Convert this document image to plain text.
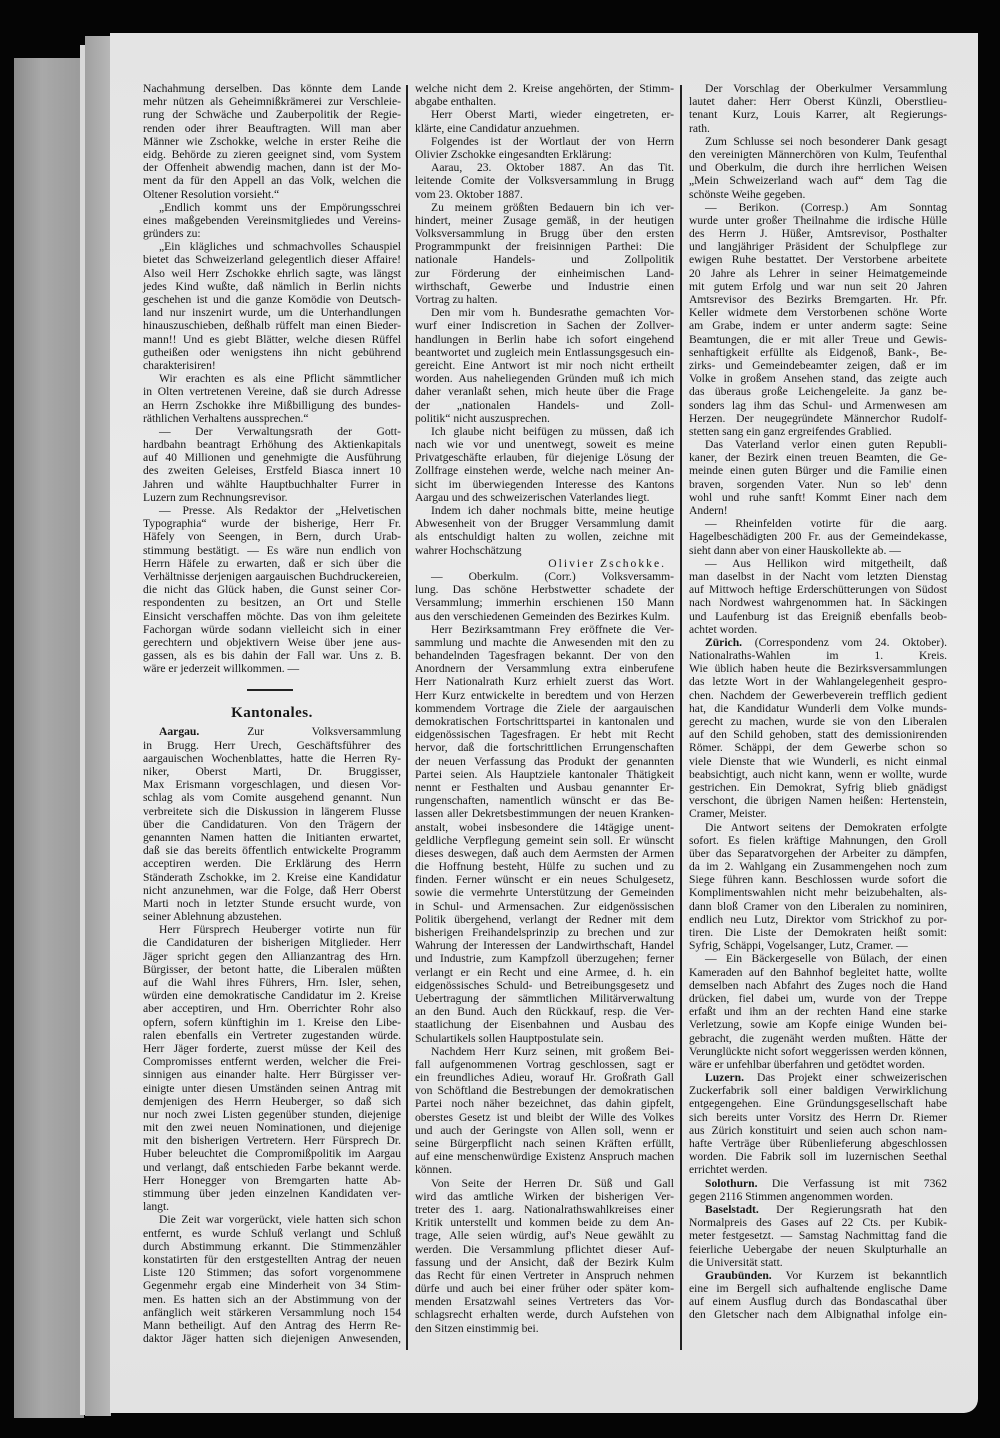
Nachahmung derselben. Das könnte dem Lande
mehr nützen als Geheimnißkrämerei zur Verschleie-
rung der Schwäche und Zauberpolitik der Regie-
renden oder ihrer Beauftragten. Will man aber
Männer wie Zschokke, welche in erster Reihe die
eidg. Behörde zu zieren geeignet sind, vom System
der Offenheit abwendig machen, dann ist der Mo-
ment da für den Appell an das Volk, welchen die
Oltener Resolution vorsieht.“
„Endlich kommt uns der Empörungsschrei
eines maßgebenden Vereinsmitgliedes und Vereins-
gründers zu:
„Ein klägliches und schmachvolles Schauspiel
bietet das Schweizerland gelegentlich dieser Affaire!
Also weil Herr Zschokke ehrlich sagte, was längst
jedes Kind wußte, daß nämlich in Berlin nichts
geschehen ist und die ganze Komödie von Deutsch-
land nur inszenirt wurde, um die Unterhandlungen
hinauszuschieben, deßhalb rüffelt man einen Bieder-
mann!! Und es giebt Blätter, welche diesen Rüffel
gutheißen oder wenigstens ihn nicht gebührend
charakterisiren!
Wir erachten es als eine Pflicht sämmtlicher
in Olten vertretenen Vereine, daß sie durch Adresse
an Herrn Zschokke ihre Mißbilligung des bundes-
räthlichen Verhaltens aussprechen.“
— Der Verwaltungsrath der Gott-
hardbahn beantragt Erhöhung des Aktienkapitals
auf 40 Millionen und genehmigte die Ausführung
des zweiten Geleises, Erstfeld Biasca innert 10
Jahren und wählte Hauptbuchhalter Furrer in
Luzern zum Rechnungsrevisor.
— Presse. Als Redaktor der „Helvetischen
Typographia“ wurde der bisherige, Herr Fr.
Häfely von Seengen, in Bern, durch Urab-
stimmung bestätigt. — Es wäre nun endlich von
Herrn Häfele zu erwarten, daß er sich über die
Verhältnisse derjenigen aargauischen Buchdruckereien,
die nicht das Glück haben, die Gunst seiner Cor-
respondenten zu besitzen, an Ort und Stelle
Einsicht verschaffen möchte. Das von ihm geleitete
Fachorgan würde sodann vielleicht sich in einer
gerechtern und objektivern Weise über jene aus-
gassen, als es bis dahin der Fall war. Uns z. B.
wäre er jederzeit willkommen. —
Kantonales.
Aargau. Zur Volksversammlung
in Brugg. Herr Urech, Geschäftsführer des
aargauischen Wochenblattes, hatte die Herren Ry-
niker, Oberst Marti, Dr. Bruggisser,
Max Erismann vorgeschlagen, und diesen Vor-
schlag als vom Comite ausgehend genannt. Nun
verbreitete sich die Diskussion in längerem Flusse
über die Candidaturen. Von den Trägern der
genannten Namen hatten die Initianten erwartet,
daß sie das bereits öffentlich entwickelte Programm
acceptiren werden. Die Erklärung des Herrn
Ständerath Zschokke, im 2. Kreise eine Kandidatur
nicht anzunehmen, war die Folge, daß Herr Oberst
Marti noch in letzter Stunde ersucht wurde, von
seiner Ablehnung abzustehen.
Herr Fürsprech Heuberger votirte nun für
die Candidaturen der bisherigen Mitglieder. Herr
Jäger spricht gegen den Allianzantrag des Hrn.
Bürgisser, der betont hatte, die Liberalen müßten
auf die Wahl ihres Führers, Hrn. Isler, sehen,
würden eine demokratische Candidatur im 2. Kreise
aber acceptiren, und Hrn. Oberrichter Rohr also
opfern, sofern künftighin im 1. Kreise den Libe-
ralen ebenfalls ein Vertreter zugestanden würde.
Herr Jäger forderte, zuerst müsse der Keil des
Compromisses entfernt werden, welcher die Frei-
sinnigen aus einander halte. Herr Bürgisser ver-
einigte unter diesen Umständen seinen Antrag mit
demjenigen des Herrn Heuberger, so daß sich
nur noch zwei Listen gegenüber stunden, diejenige
mit den zwei neuen Nominationen, und diejenige
mit den bisherigen Vertretern. Herr Fürsprech Dr.
Huber beleuchtet die Compromißpolitik im Aargau
und verlangt, daß entschieden Farbe bekannt werde.
Herr Honegger von Bremgarten hatte Ab-
stimmung über jeden einzelnen Kandidaten ver-
langt.
Die Zeit war vorgerückt, viele hatten sich schon
entfernt, es wurde Schluß verlangt und Schluß
durch Abstimmung erkannt. Die Stimmenzähler
konstatirten für den erstgestellten Antrag der neuen
Liste 120 Stimmen; das sofort vorgenommene
Gegenmehr ergab eine Minderheit von 34 Stim-
men. Es hatten sich an der Abstimmung von der
anfänglich weit stärkeren Versammlung noch 154
Mann betheiligt. Auf den Antrag des Herrn Re-
daktor Jäger hatten sich diejenigen Anwesenden,
welche nicht dem 2. Kreise angehörten, der Stimm-
abgabe enthalten.
Herr Oberst Marti, wieder eingetreten, er-
klärte, eine Candidatur anzuehmen.
Folgendes ist der Wortlaut der von Herrn
Olivier Zschokke eingesandten Erklärung:
Aarau, 23. Oktober 1887. An das Tit.
leitende Comite der Volksversammlung in Brugg
vom 23. Oktober 1887.
Zu meinem größten Bedauern bin ich ver-
hindert, meiner Zusage gemäß, in der heutigen
Volksversammlung in Brugg über den ersten
Programmpunkt der freisinnigen Parthei: Die
nationale Handels- und Zollpolitik
zur Förderung der einheimischen Land-
wirthschaft, Gewerbe und Industrie einen
Vortrag zu halten.
Den mir vom h. Bundesrathe gemachten Vor-
wurf einer Indiscretion in Sachen der Zollver-
handlungen in Berlin habe ich sofort eingehend
beantwortet und zugleich mein Entlassungsgesuch ein-
gereicht. Eine Antwort ist mir noch nicht ertheilt
worden. Aus naheliegenden Gründen muß ich mich
daher veranlaßt sehen, mich heute über die Frage
der „nationalen Handels- und Zoll-
politik“ nicht auszusprechen.
Ich glaube nicht beifügen zu müssen, daß ich
nach wie vor und unentwegt, soweit es meine
Privatgeschäfte erlauben, für diejenige Lösung der
Zollfrage einstehen werde, welche nach meiner An-
sicht im überwiegenden Interesse des Kantons
Aargau und des schweizerischen Vaterlandes liegt.
Indem ich daher nochmals bitte, meine heutige
Abwesenheit von der Brugger Versammlung damit
als entschuldigt halten zu wollen, zeichne mit
wahrer Hochschätzung
Olivier Zschokke.
— Oberkulm. (Corr.) Volksversamm-
lung. Das schöne Herbstwetter schadete der
Versammlung; immerhin erschienen 150 Mann
aus den verschiedenen Gemeinden des Bezirkes Kulm.
Herr Bezirksamtmann Frey eröffnete die Ver-
sammlung und machte die Anwesenden mit den zu
behandelnden Tagesfragen bekannt. Der von den
Anordnern der Versammlung extra einberufene
Herr Nationalrath Kurz erhielt zuerst das Wort.
Herr Kurz entwickelte in beredtem und von Herzen
kommendem Vortrage die Ziele der aargauischen
demokratischen Fortschrittspartei in kantonalen und
eidgenössischen Tagesfragen. Er hebt mit Recht
hervor, daß die fortschrittlichen Errungenschaften
der neuen Verfassung das Produkt der genannten
Partei seien. Als Hauptziele kantonaler Thätigkeit
nennt er Festhalten und Ausbau genannter Er-
rungenschaften, namentlich wünscht er das Be-
lassen aller Dekretsbestimmungen der neuen Kranken-
anstalt, wobei insbesondere die 14tägige unent-
geldliche Verpflegung gemeint sein soll. Er wünscht
dieses deswegen, daß auch dem Aermsten der Armen
die Hoffnung besteht, Hülfe zu suchen und zu
finden. Ferner wünscht er ein neues Schulgesetz,
sowie die vermehrte Unterstützung der Gemeinden
in Schul- und Armensachen. Zur eidgenössischen
Politik übergehend, verlangt der Redner mit dem
bisherigen Freihandelsprinzip zu brechen und zur
Wahrung der Interessen der Landwirthschaft, Handel
und Industrie, zum Kampfzoll überzugehen; ferner
verlangt er ein Recht und eine Armee, d. h. ein
eidgenössisches Schuld- und Betreibungsgesetz und
Uebertragung der sämmtlichen Militärverwaltung
an den Bund. Auch den Rückkauf, resp. die Ver-
staatlichung der Eisenbahnen und Ausbau des
Schulartikels sollen Hauptpostulate sein.
Nachdem Herr Kurz seinen, mit großem Bei-
fall aufgenommenen Vortrag geschlossen, sagt er
ein freundliches Adieu, worauf Hr. Großrath Gall
von Schöftland die Bestrebungen der demokratischen
Partei noch näher bezeichnet, das dahin gipfelt,
oberstes Gesetz ist und bleibt der Wille des Volkes
und auch der Geringste von Allen soll, wenn er
seine Bürgerpflicht nach seinen Kräften erfüllt,
auf eine menschenwürdige Existenz Anspruch machen
können.
Von Seite der Herren Dr. Süß und Gall
wird das amtliche Wirken der bisherigen Ver-
treter des 1. aarg. Nationalrathswahlkreises einer
Kritik unterstellt und kommen beide zu dem An-
trage, Alle seien würdig, auf's Neue gewählt zu
werden. Die Versammlung pflichtet dieser Auf-
fassung und der Ansicht, daß der Bezirk Kulm
das Recht für einen Vertreter in Anspruch nehmen
dürfe und auch bei einer früher oder später kom-
menden Ersatzwahl seines Vertreters das Vor-
schlagsrecht erhalten werde, durch Aufstehen von
den Sitzen einstimmig bei.
Der Vorschlag der Oberkulmer Versammlung
lautet daher: Herr Oberst Künzli, Oberstlieu-
tenant Kurz, Louis Karrer, alt Regierungs-
rath.
Zum Schlusse sei noch besonderer Dank gesagt
den vereinigten Männerchören von Kulm, Teufenthal
und Oberkulm, die durch ihre herrlichen Weisen
„Mein Schweizerland wach auf“ dem Tag die
schönste Weihe gegeben.
— Berikon. (Corresp.) Am Sonntag
wurde unter großer Theilnahme die irdische Hülle
des Herrn J. Hüßer, Amtsrevisor, Posthalter
und langjähriger Präsident der Schulpflege zur
ewigen Ruhe bestattet. Der Verstorbene arbeitete
20 Jahre als Lehrer in seiner Heimatgemeinde
mit gutem Erfolg und war nun seit 20 Jahren
Amtsrevisor des Bezirks Bremgarten. Hr. Pfr.
Keller widmete dem Verstorbenen schöne Worte
am Grabe, indem er unter anderm sagte: Seine
Beamtungen, die er mit aller Treue und Gewis-
senhaftigkeit erfüllte als Eidgenoß, Bank-, Be-
zirks- und Gemeindebeamter zeigen, daß er im
Volke in großem Ansehen stand, das zeigte auch
das überaus große Leichengeleite. Ja ganz be-
sonders lag ihm das Schul- und Armenwesen am
Herzen. Der neugegründete Männerchor Rudolf-
stetten sang ein ganz ergreifendes Grablied.
Das Vaterland verlor einen guten Republi-
kaner, der Bezirk einen treuen Beamten, die Ge-
meinde einen guten Bürger und die Familie einen
braven, sorgenden Vater. Nun so leb' denn
wohl und ruhe sanft! Kommt Einer nach dem
Andern!
— Rheinfelden votirte für die aarg.
Hagelbeschädigten 200 Fr. aus der Gemeindekasse,
sieht dann aber von einer Hauskollekte ab. —
— Aus Hellikon wird mitgetheilt, daß
man daselbst in der Nacht vom letzten Dienstag
auf Mittwoch heftige Erderschütterungen von Südost
nach Nordwest wahrgenommen hat. In Säckingen
und Laufenburg ist das Ereigniß ebenfalls beob-
achtet worden.
Zürich. (Correspondenz vom 24. Oktober).
Nationalraths-Wahlen im 1. Kreis.
Wie üblich haben heute die Bezirksversammlungen
das letzte Wort in der Wahlangelegenheit gespro-
chen. Nachdem der Gewerbeverein trefflich gedient
hat, die Kandidatur Wunderli dem Volke munds-
gerecht zu machen, wurde sie von den Liberalen
auf den Schild gehoben, statt des demissionirenden
Römer. Schäppi, der dem Gewerbe schon so
viele Dienste that wie Wunderli, es nicht einmal
beabsichtigt, auch nicht kann, wenn er wollte, wurde
gestrichen. Ein Demokrat, Syfrig blieb gnädigst
verschont, die übrigen Namen heißen: Hertenstein,
Cramer, Meister.
Die Antwort seitens der Demokraten erfolgte
sofort. Es fielen kräftige Mahnungen, den Groll
über das Separatvorgehen der Arbeiter zu dämpfen,
da im 2. Wahlgang ein Zusammengehen noch zum
Siege führen kann. Beschlossen wurde sofort die
Komplimentswahlen nicht mehr beizubehalten, als-
dann bloß Cramer von den Liberalen zu nominiren,
endlich neu Lutz, Direktor vom Strickhof zu por-
tiren. Die Liste der Demokraten heißt somit:
Syfrig, Schäppi, Vogelsanger, Lutz, Cramer. —
— Ein Bäckergeselle von Bülach, der einen
Kameraden auf den Bahnhof begleitet hatte, wollte
demselben nach Abfahrt des Zuges noch die Hand
drücken, fiel dabei um, wurde von der Treppe
erfaßt und ihm an der rechten Hand eine starke
Verletzung, sowie am Kopfe einige Wunden bei-
gebracht, die zugenäht werden mußten. Hätte der
Verunglückte nicht sofort weggerissen werden können,
wäre er unfehlbar überfahren und getödtet worden.
Luzern. Das Projekt einer schweizerischen
Zuckerfabrik soll einer baldigen Verwirklichung
entgegengehen. Eine Gründungsgesellschaft habe
sich bereits unter Vorsitz des Herrn Dr. Riemer
aus Zürich konstituirt und seien auch schon nam-
hafte Verträge über Rübenlieferung abgeschlossen
worden. Die Fabrik soll im luzernischen Seethal
errichtet werden.
Solothurn. Die Verfassung ist mit 7362
gegen 2116 Stimmen angenommen worden.
Baselstadt. Der Regierungsrath hat den
Normalpreis des Gases auf 22 Cts. per Kubik-
meter festgesetzt. — Samstag Nachmittag fand die
feierliche Uebergabe der neuen Skulpturhalle an
die Universität statt.
Graubünden. Vor Kurzem ist bekanntlich
eine im Bergell sich aufhaltende englische Dame
auf einem Ausflug durch das Bondascathal über
den Gletscher nach dem Albignathal infolge ein-
